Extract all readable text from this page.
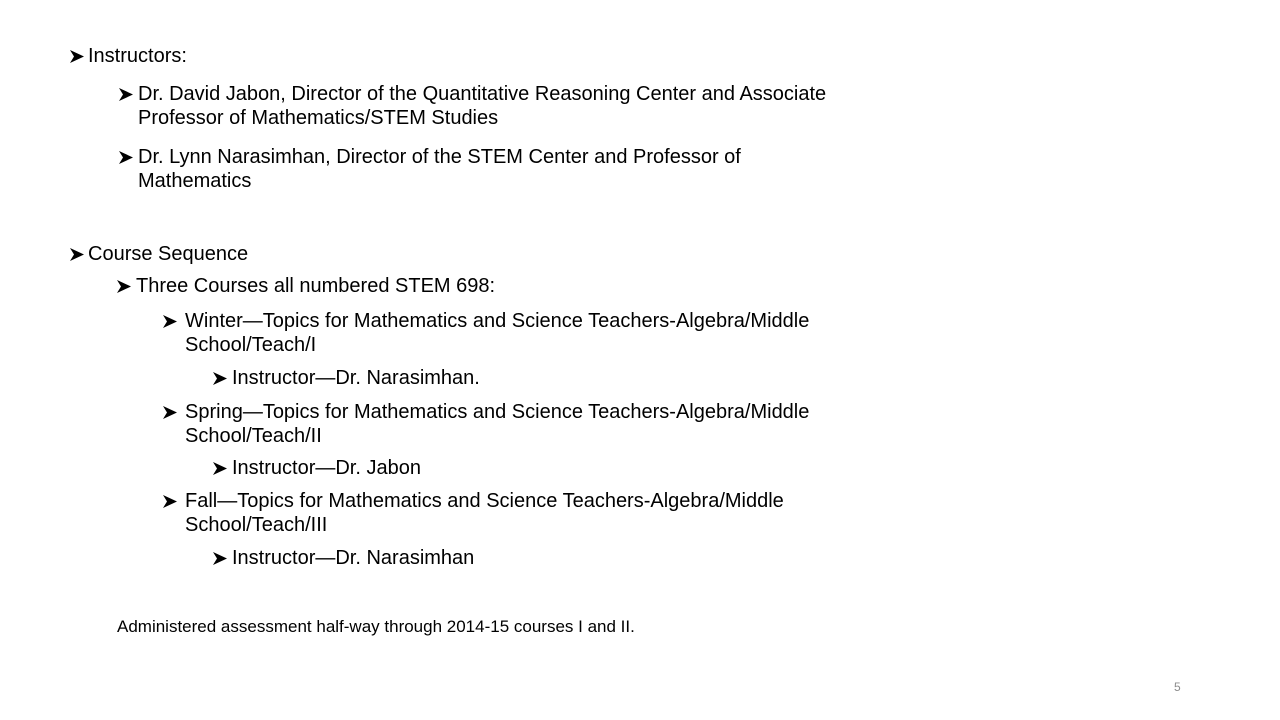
Instructors:
Dr. David Jabon, Director of the Quantitative Reasoning Center and Associate
Professor of Mathematics/STEM Studies
Dr. Lynn Narasimhan, Director of the STEM Center and Professor of
Mathematics
Course Sequence
Three Courses all numbered STEM 698:
Winter—Topics for Mathematics and Science Teachers-Algebra/Middle
School/Teach/I
Instructor—Dr. Narasimhan.
Spring—Topics for Mathematics and Science Teachers-Algebra/Middle
School/Teach/II
Instructor—Dr. Jabon
Fall—Topics for Mathematics and Science Teachers-Algebra/Middle
School/Teach/III
Instructor—Dr. Narasimhan
Administered assessment half-way through 2014-15 courses I and II.
5
